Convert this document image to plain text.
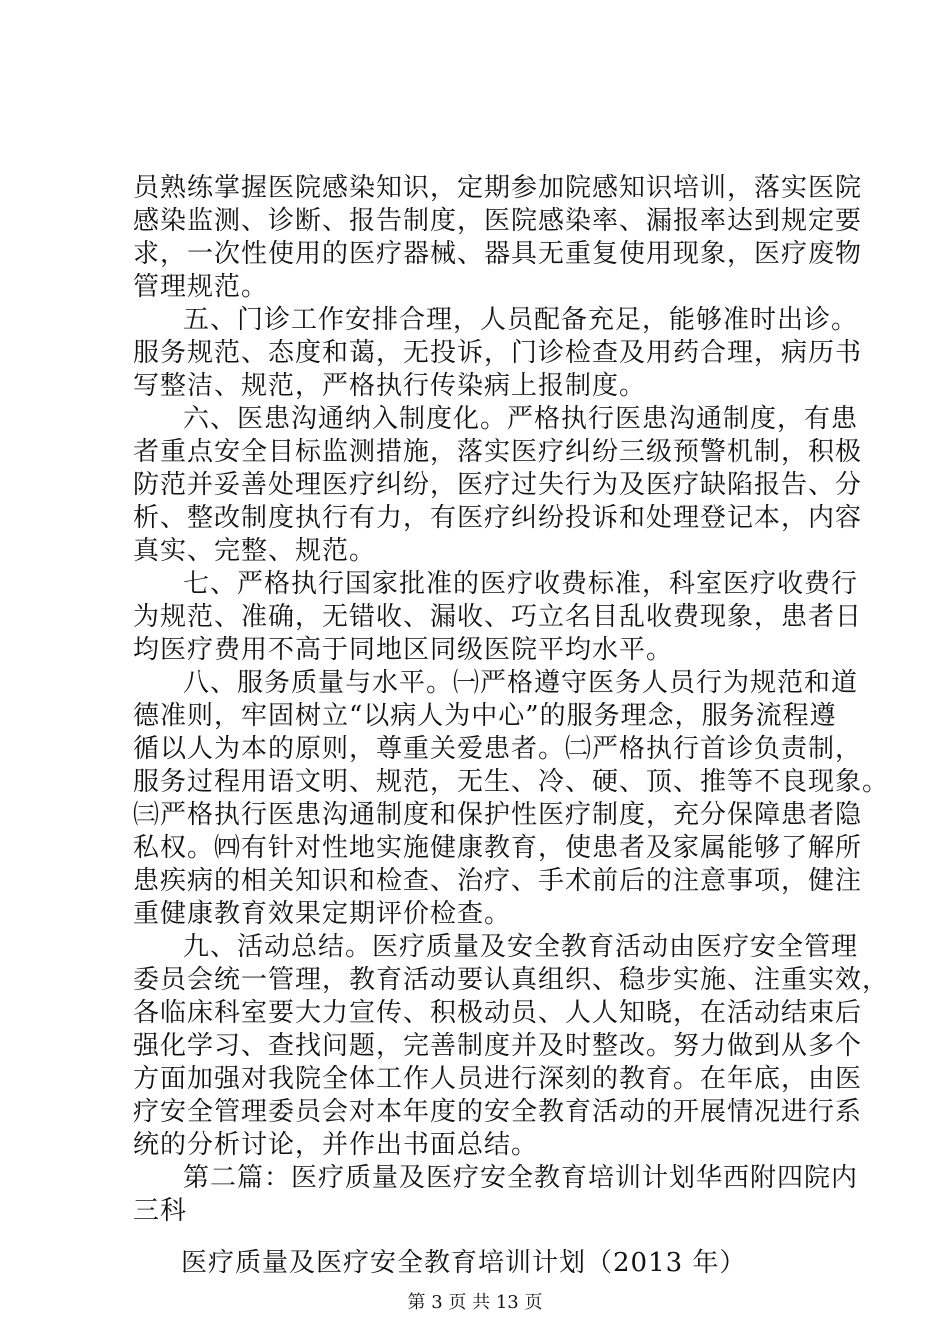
员熟练掌握医院感染知识，定期参加院感知识培训，落实医院
感染监测、诊断、报告制度，医院感染率、漏报率达到规定要
求，一次性使用的医疗器械、器具无重复使用现象，医疗废物
管理规范。
五、门诊工作安排合理，人员配备充足，能够准时出诊。
服务规范、态度和蔼，无投诉，门诊检查及用药合理，病历书
写整洁、规范，严格执行传染病上报制度。
六、医患沟通纳入制度化。严格执行医患沟通制度，有患
者重点安全目标监测措施，落实医疗纠纷三级预警机制，积极
防范并妥善处理医疗纠纷，医疗过失行为及医疗缺陷报告、分
析、整改制度执行有力，有医疗纠纷投诉和处理登记本，内容
真实、完整、规范。
七、严格执行国家批准的医疗收费标准，科室医疗收费行
为规范、准确，无错收、漏收、巧立名目乱收费现象，患者日
均医疗费用不高于同地区同级医院平均水平。
八、服务质量与水平。㈠严格遵守医务人员行为规范和道
德准则，牢固树立“以病人为中心”的服务理念，服务流程遵
循以人为本的原则，尊重关爱患者。㈡严格执行首诊负责制，
服务过程用语文明、规范，无生、冷、硬、顶、推等不良现象。
㈢严格执行医患沟通制度和保护性医疗制度，充分保障患者隐
私权。㈣有针对性地实施健康教育，使患者及家属能够了解所
患疾病的相关知识和检查、治疗、手术前后的注意事项，健注
重健康教育效果定期评价检查。
九、活动总结。医疗质量及安全教育活动由医疗安全管理
委员会统一管理，教育活动要认真组织、稳步实施、注重实效，
各临床科室要大力宣传、积极动员、人人知晓，在活动结束后
强化学习、查找问题，完善制度并及时整改。努力做到从多个
方面加强对我院全体工作人员进行深刻的教育。在年底，由医
疗安全管理委员会对本年度的安全教育活动的开展情况进行系
统的分析讨论，并作出书面总结。
第二篇：医疗质量及医疗安全教育培训计划华西附四院内
三科
医疗质量及医疗安全教育培训计划（2013 年）
第 3 页 共 13 页
